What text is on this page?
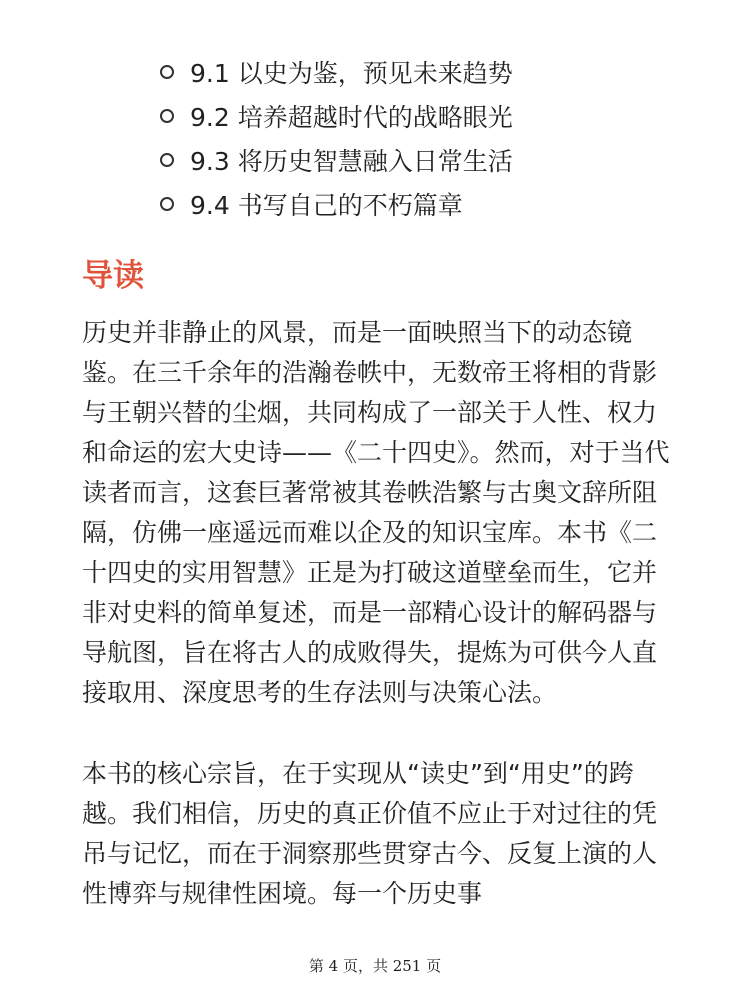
9.1 以史为鉴，预见未来趋势
9.2 培养超越时代的战略眼光
9.3 将历史智慧融入日常生活
9.4 书写自己的不朽篇章
导读

历史并非静止的风景，而是一面映照当下的动态镜鉴。在三千余年的浩瀚卷帙中，无数帝王将相的背影与王朝兴替的尘烟，共同构成了一部关于人性、权力和命运的宏大史诗——《二十四史》。然而，对于当代读者而言，这套巨著常被其卷帙浩繁与古奥文辞所阻隔，仿佛一座遥远而难以企及的知识宝库。本书《二十四史的实用智慧》正是为打破这道壁垒而生，它并非对史料的简单复述，而是一部精心设计的解码器与导航图，旨在将古人的成败得失，提炼为可供今人直接取用、深度思考的生存法则与决策心法。

本书的核心宗旨，在于实现从“读史”到“用史”的跨越。我们相信，历史的真正价值不应止于对过往的凭吊与记忆，而在于洞察那些贯穿古今、反复上演的人性博弈与规律性困境。每一个历史事

第 4 页，共 251 页
